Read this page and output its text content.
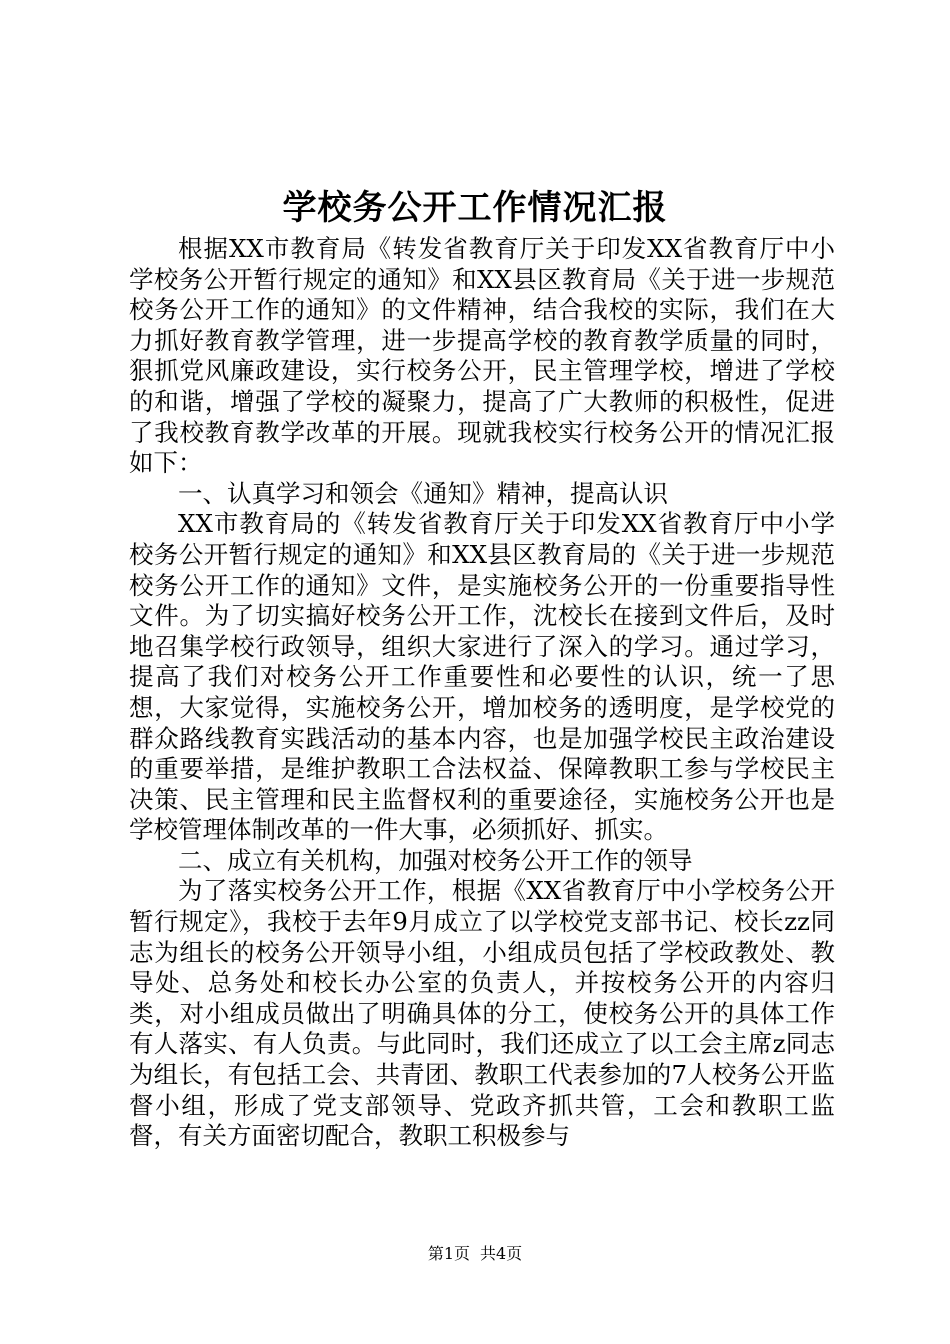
学校务公开工作情况汇报

根据XX市教育局《转发省教育厅关于印发XX省教育厅中小学校务公开暂行规定的通知》和XX县区教育局《关于进一步规范校务公开工作的通知》的文件精神，结合我校的实际，我们在大力抓好教育教学管理，进一步提高学校的教育教学质量的同时，狠抓党风廉政建设，实行校务公开，民主管理学校，增进了学校的和谐，增强了学校的凝聚力，提高了广大教师的积极性，促进了我校教育教学改革的开展。现就我校实行校务公开的情况汇报如下：

一、认真学习和领会《通知》精神，提高认识

XX市教育局的《转发省教育厅关于印发XX省教育厅中小学校务公开暂行规定的通知》和XX县区教育局的《关于进一步规范校务公开工作的通知》文件，是实施校务公开的一份重要指导性文件。为了切实搞好校务公开工作，沈校长在接到文件后，及时地召集学校行政领导，组织大家进行了深入的学习。通过学习，提高了我们对校务公开工作重要性和必要性的认识，统一了思想，大家觉得，实施校务公开，增加校务的透明度，是学校党的群众路线教育实践活动的基本内容，也是加强学校民主政治建设的重要举措，是维护教职工合法权益、保障教职工参与学校民主决策、民主管理和民主监督权利的重要途径，实施校务公开也是学校管理体制改革的一件大事，必须抓好、抓实。

二、成立有关机构，加强对校务公开工作的领导

为了落实校务公开工作，根据《XX省教育厅中小学校务公开暂行规定》，我校于去年9月成立了以学校党支部书记、校长zz同志为组长的校务公开领导小组，小组成员包括了学校政教处、教导处、总务处和校长办公室的负责人，并按校务公开的内容归类，对小组成员做出了明确具体的分工，使校务公开的具体工作有人落实、有人负责。与此同时，我们还成立了以工会主席z同志为组长，有包括工会、共青团、教职工代表参加的7人校务公开监督小组，形成了党支部领导、党政齐抓共管，工会和教职工监督，有关方面密切配合，教职工积极参与

第1页 共4页
